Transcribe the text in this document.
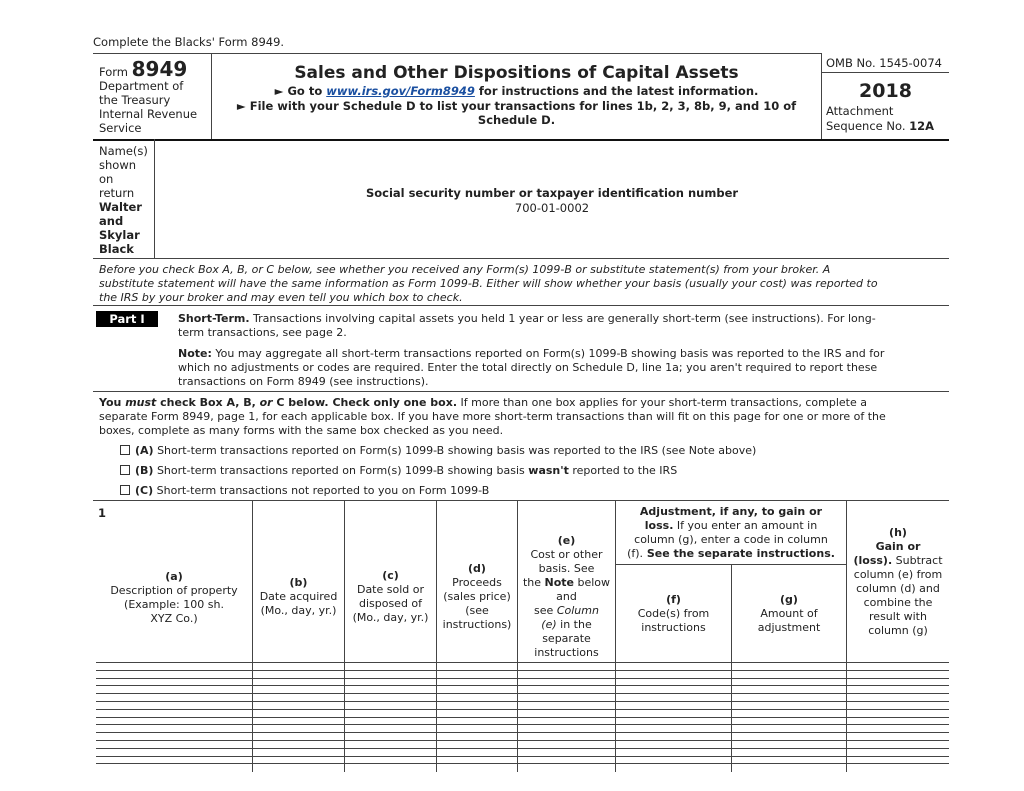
Complete the Blacks' Form 8949.
Form 8949
Department of
the Treasury
Internal Revenue
Service
Sales and Other Dispositions of Capital Assets
► Go to www.irs.gov/Form8949 for instructions and the latest information.
► File with your Schedule D to list your transactions for lines 1b, 2, 3, 8b, 9, and 10 of
Schedule D.
OMB No. 1545-0074
2018
Attachment
Sequence No. 12A
Name(s)
shown
on
return
Walter
and
Skylar
Black
Social security number or taxpayer identification number
700-01-0002
Before you check Box A, B, or C below, see whether you received any Form(s) 1099-B or substitute statement(s) from your broker. A
substitute statement will have the same information as Form 1099-B. Either will show whether your basis (usually your cost) was reported to
the IRS by your broker and may even tell you which box to check.
Part I	Short-Term. Transactions involving capital assets you held 1 year or less are generally short-term (see instructions). For long-
term transactions, see page 2.
Note: You may aggregate all short-term transactions reported on Form(s) 1099-B showing basis was reported to the IRS and for
which no adjustments or codes are required. Enter the total directly on Schedule D, line 1a; you aren't required to report these
transactions on Form 8949 (see instructions).
You must check Box A, B, or C below. Check only one box. If more than one box applies for your short-term transactions, complete a
separate Form 8949, page 1, for each applicable box. If you have more short-term transactions than will fit on this page for one or more of the
boxes, complete as many forms with the same box checked as you need.
(A) Short-term transactions reported on Form(s) 1099-B showing basis was reported to the IRS (see Note above)
(B) Short-term transactions reported on Form(s) 1099-B showing basis wasn't reported to the IRS
(C) Short-term transactions not reported to you on Form 1099-B
1
(a)
Description of property
(Example: 100 sh.
XYZ Co.)
(b)
Date acquired
(Mo., day, yr.)
(c)
Date sold or
disposed of
(Mo., day, yr.)
(d)
Proceeds
(sales price)
(see
instructions)
(e)
Cost or other
basis. See
the Note below
and
see Column
(e) in the
separate
instructions
Adjustment, if any, to gain or
loss. If you enter an amount in
column (g), enter a code in column
(f). See the separate instructions.
(f)
Code(s) from
instructions
(g)
Amount of
adjustment
(h)
Gain or
(loss). Subtract
column (e) from
column (d) and
combine the
result with
column (g)
